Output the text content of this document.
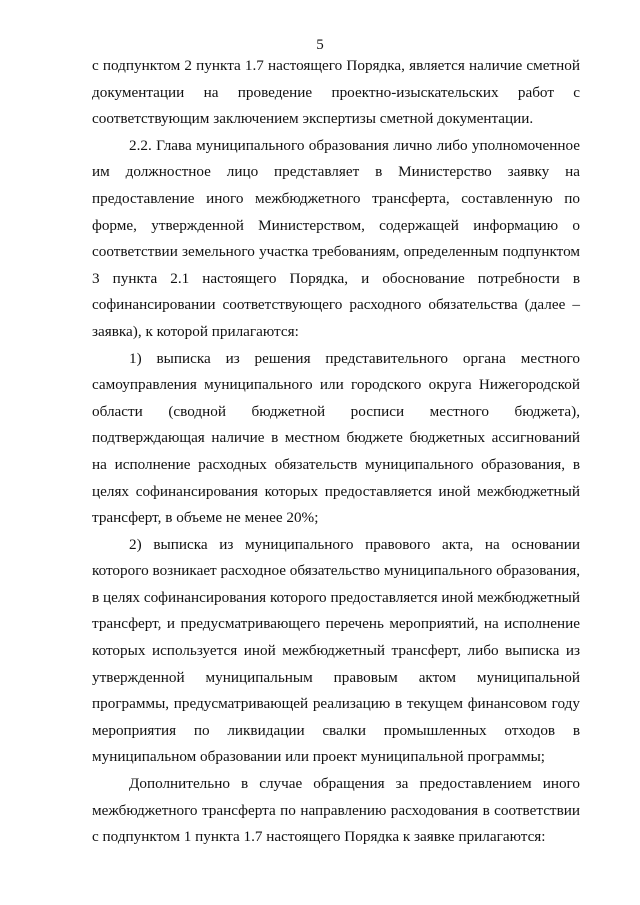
5

с подпунктом 2 пункта 1.7 настоящего Порядка, является наличие сметной документации на проведение проектно-изыскательских работ с соответствующим заключением экспертизы сметной документации.

2.2. Глава муниципального образования лично либо уполномоченное им должностное лицо представляет в Министерство заявку на предоставление иного межбюджетного трансферта, составленную по форме, утвержденной Министерством, содержащей информацию о соответствии земельного участка требованиям, определенным подпунктом 3 пункта 2.1 настоящего Порядка, и обоснование потребности в софинансировании соответствующего расходного обязательства (далее – заявка), к которой прилагаются:

1) выписка из решения представительного органа местного самоуправления муниципального или городского округа Нижегородской области (сводной бюджетной росписи местного бюджета), подтверждающая наличие в местном бюджете бюджетных ассигнований на исполнение расходных обязательств муниципального образования, в целях софинансирования которых предоставляется иной межбюджетный трансферт, в объеме не менее 20%;

2) выписка из муниципального правового акта, на основании которого возникает расходное обязательство муниципального образования, в целях софинансирования которого предоставляется иной межбюджетный трансферт, и предусматривающего перечень мероприятий, на исполнение которых используется иной межбюджетный трансферт, либо выписка из утвержденной муниципальным правовым актом муниципальной программы, предусматривающей реализацию в текущем финансовом году мероприятия по ликвидации свалки промышленных отходов в муниципальном образовании или проект муниципальной программы;

Дополнительно в случае обращения за предоставлением иного межбюджетного трансферта по направлению расходования в соответствии с подпунктом 1 пункта 1.7 настоящего Порядка к заявке прилагаются:
